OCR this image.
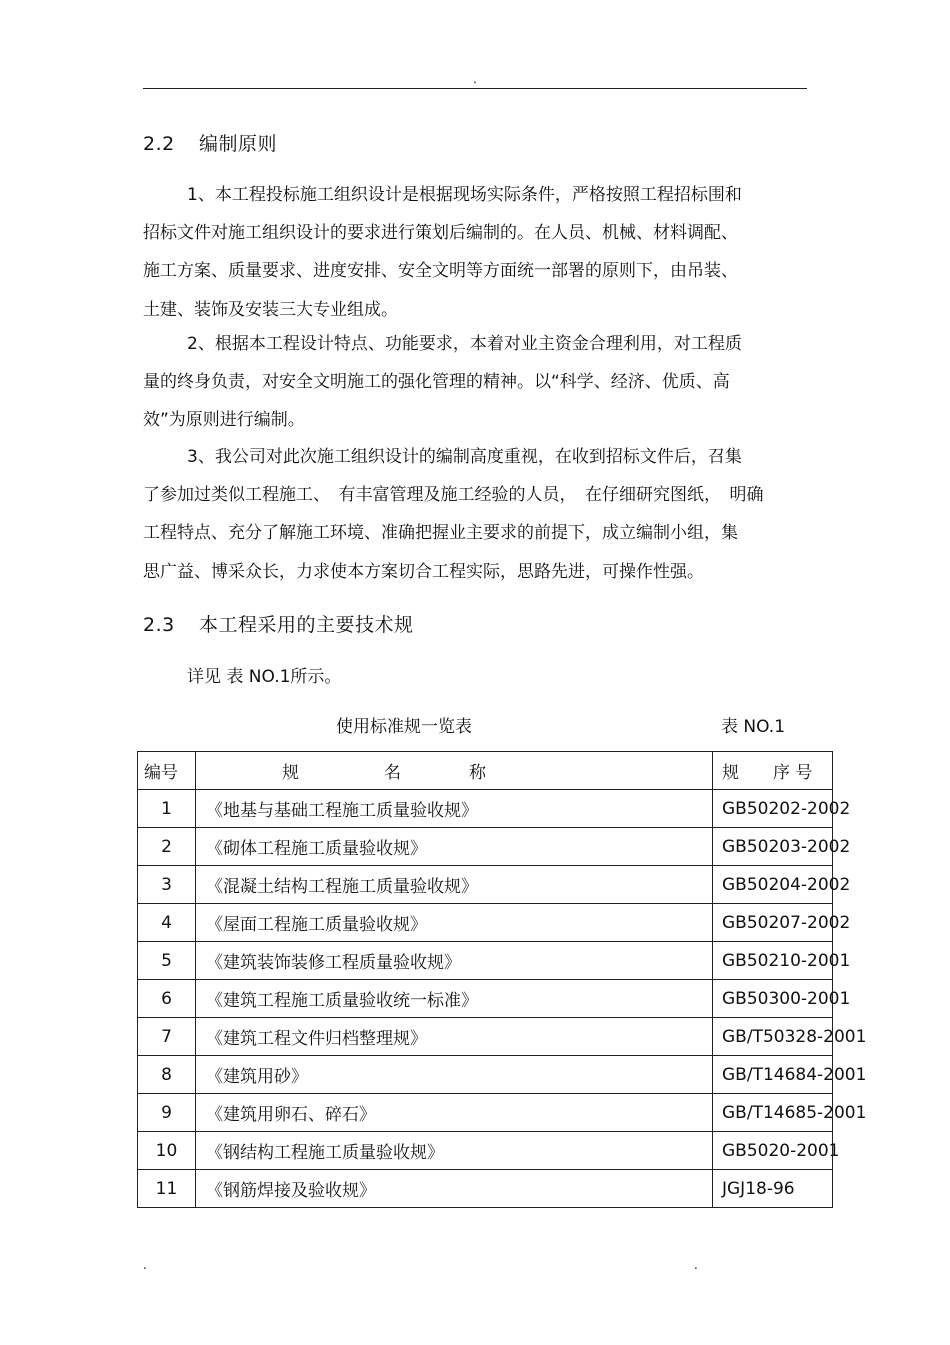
.
2.2 编制原则
1、本工程投标施工组织设计是根据现场实际条件，严格按照工程招标围和
招标文件对施工组织设计的要求进行策划后编制的。在人员、机械、材料调配、
施工方案、质量要求、进度安排、安全文明等方面统一部署的原则下，由吊装、
土建、装饰及安装三大专业组成。
2、根据本工程设计特点、功能要求，本着对业主资金合理利用，对工程质
量的终身负责，对安全文明施工的强化管理的精神。以“科学、经济、优质、高
效”为原则进行编制。
3、我公司对此次施工组织设计的编制高度重视，在收到招标文件后，召集
了参加过类似工程施工、　有丰富管理及施工经验的人员，　在仔细研究图纸，　明确
工程特点、充分了解施工环境、准确把握业主要求的前提下，成立编制小组，集
思广益、博采众长，力求使本方案切合工程实际，思路先进，可操作性强。
2.3 本工程采用的主要技术规
详见 表 NO.1所示。
使用标准规一览表	表 NO.1
编号	规　　　　　名　　　　称	规　　序 号
1	《地基与基础工程施工质量验收规》	GB50202-2002
2	《砌体工程施工质量验收规》	GB50203-2002
3	《混凝土结构工程施工质量验收规》	GB50204-2002
4	《屋面工程施工质量验收规》	GB50207-2002
5	《建筑装饰装修工程质量验收规》	GB50210-2001
6	《建筑工程施工质量验收统一标准》	GB50300-2001
7	《建筑工程文件归档整理规》	GB/T50328-2001
8	《建筑用砂》	GB/T14684-2001
9	《建筑用卵石、碎石》	GB/T14685-2001
10	《钢结构工程施工质量验收规》	GB5020-2001
11	《钢筋焊接及验收规》	JGJ18-96
.	.
